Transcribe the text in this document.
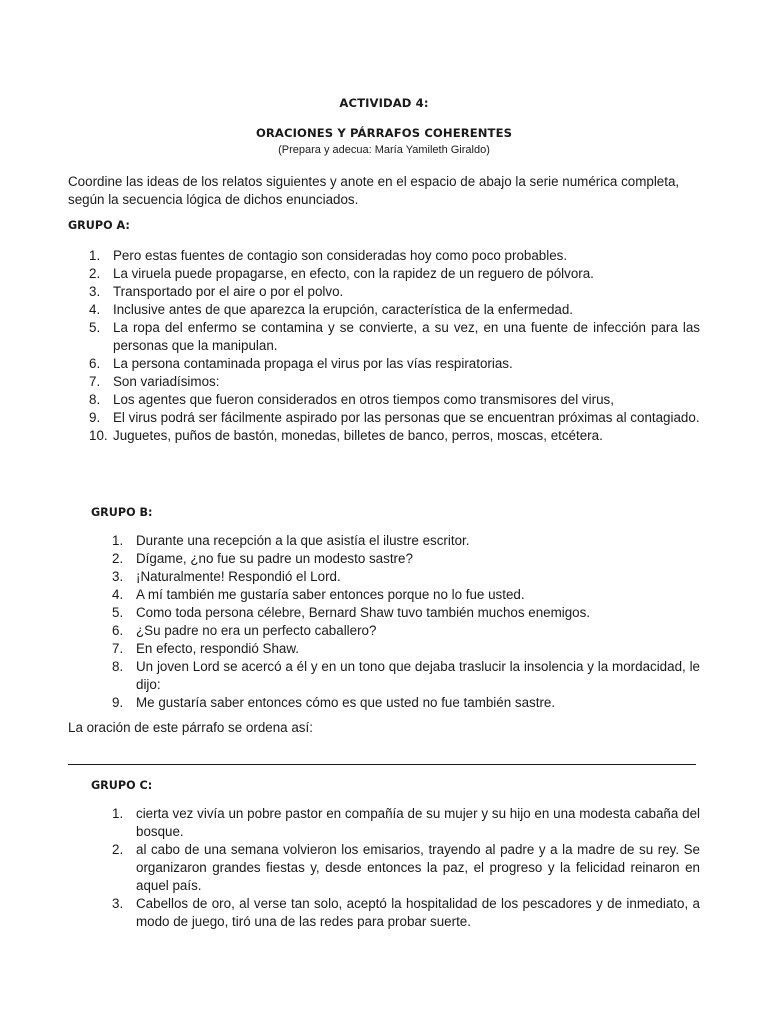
ACTIVIDAD 4:
ORACIONES Y PÁRRAFOS COHERENTES
(Prepara y adecua: María Yamileth Giraldo)
Coordine las ideas de los relatos siguientes y anote en el espacio de abajo la serie numérica completa, según la secuencia lógica de dichos enunciados.
GRUPO A:
1. Pero estas fuentes de contagio son consideradas hoy como poco probables.
2. La viruela puede propagarse, en efecto, con la rapidez de un reguero de pólvora.
3. Transportado por el aire o por el polvo.
4. Inclusive antes de que aparezca la erupción, característica de la enfermedad.
5. La ropa del enfermo se contamina y se convierte, a su vez, en una fuente de infección para las personas que la manipulan.
6. La persona contaminada propaga el virus por las vías respiratorias.
7. Son variadísimos:
8. Los agentes que fueron considerados en otros tiempos como transmisores del virus,
9. El virus podrá ser fácilmente aspirado por las personas que se encuentran próximas al contagiado.
10. Juguetes, puños de bastón, monedas, billetes de banco, perros, moscas, etcétera.
GRUPO B:
1. Durante una recepción a la que asistía el ilustre escritor.
2. Dígame, ¿no fue su padre un modesto sastre?
3. ¡Naturalmente! Respondió el Lord.
4. A mí también me gustaría saber entonces porque no lo fue usted.
5. Como toda persona célebre, Bernard Shaw tuvo también muchos enemigos.
6. ¿Su padre no era un perfecto caballero?
7. En efecto, respondió Shaw.
8. Un joven Lord se acercó a él y en un tono que dejaba traslucir la insolencia y la mordacidad, le dijo:
9. Me gustaría saber entonces cómo es que usted no fue también sastre.
La oración de este párrafo se ordena así:
GRUPO C:
1. cierta vez vivía un pobre pastor en compañía de su mujer y su hijo en una modesta cabaña del bosque.
2. al cabo de una semana volvieron los emisarios, trayendo al padre y a la madre de su rey. Se organizaron grandes fiestas y, desde entonces la paz, el progreso y la felicidad reinaron en aquel país.
3. Cabellos de oro, al verse tan solo, aceptó la hospitalidad de los pescadores y de inmediato, a modo de juego, tiró una de las redes para probar suerte.
